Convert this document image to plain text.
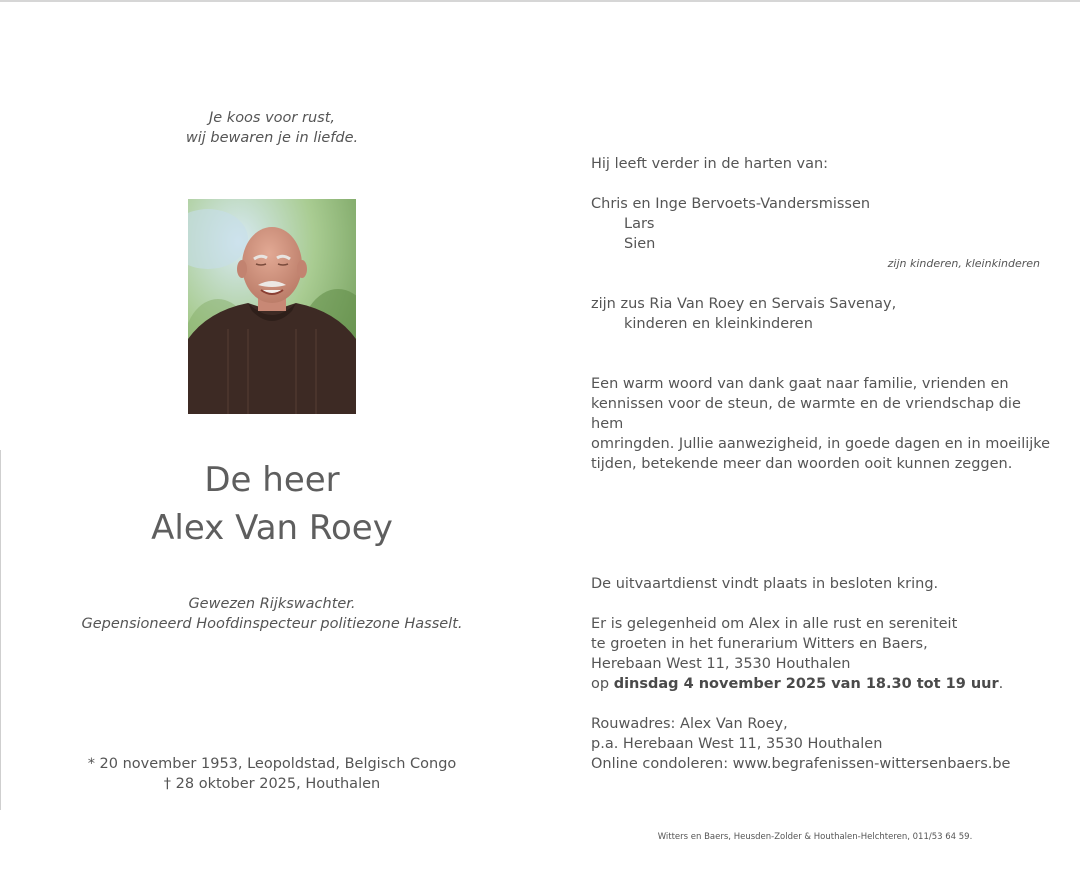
Je koos voor rust,
wij bewaren je in liefde.
De heer
Alex Van Roey
Gewezen Rijkswachter.
Gepensioneerd Hoofdinspecteur politiezone Hasselt.
* 20 november 1953, Leopoldstad, Belgisch Congo
† 28 oktober 2025, Houthalen
Hij leeft verder in de harten van:
Chris en Inge Bervoets-Vandersmissen
Lars
Sien
zijn kinderen, kleinkinderen
zijn zus Ria Van Roey en Servais Savenay,
kinderen en kleinkinderen
Een warm woord van dank gaat naar familie, vrienden en
kennissen voor de steun, de warmte en de vriendschap die hem
omringden. Jullie aanwezigheid, in goede dagen en in moeilijke
tijden, betekende meer dan woorden ooit kunnen zeggen.
De uitvaartdienst vindt plaats in besloten kring.
Er is gelegenheid om Alex in alle rust en sereniteit
te groeten in het funerarium Witters en Baers,
Herebaan West 11, 3530 Houthalen
op dinsdag 4 november 2025 van 18.30 tot 19 uur.
Rouwadres: Alex Van Roey,
p.a. Herebaan West 11, 3530 Houthalen
Online condoleren: www.begrafenissen-wittersenbaers.be
Witters en Baers, Heusden-Zolder & Houthalen-Helchteren, 011/53 64 59.
